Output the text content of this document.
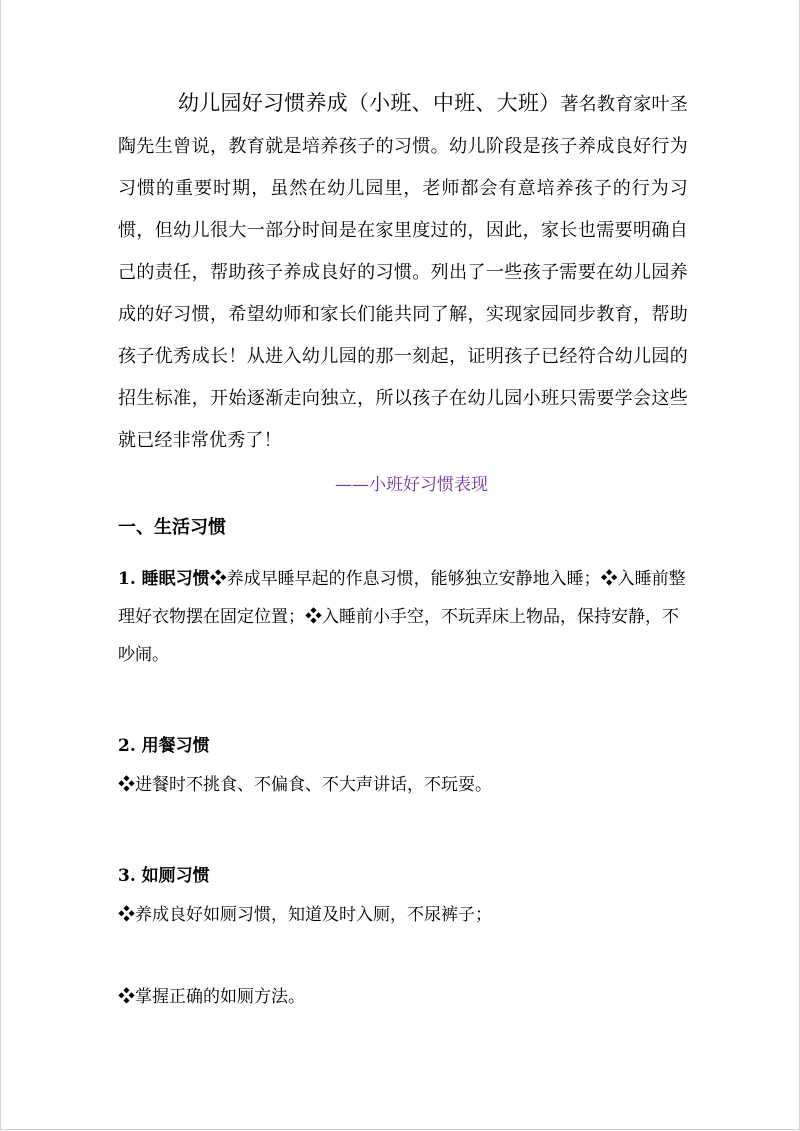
幼儿园好习惯养成（小班、中班、大班）著名教育家叶圣陶先生曾说，教育就是培养孩子的习惯。幼儿阶段是孩子养成良好行为习惯的重要时期，虽然在幼儿园里，老师都会有意培养孩子的行为习惯，但幼儿很大一部分时间是在家里度过的，因此，家长也需要明确自己的责任，帮助孩子养成良好的习惯。列出了一些孩子需要在幼儿园养成的好习惯，希望幼师和家长们能共同了解，实现家园同步教育，帮助孩子优秀成长！从进入幼儿园的那一刻起，证明孩子已经符合幼儿园的招生标准，开始逐渐走向独立，所以孩子在幼儿园小班只需要学会这些就已经非常优秀了！

——小班好习惯表现

一、生活习惯

1. 睡眠习惯❖养成早睡早起的作息习惯，能够独立安静地入睡；❖入睡前整理好衣物摆在固定位置；❖入睡前小手空，不玩弄床上物品，保持安静，不吵闹。

2. 用餐习惯

❖进餐时不挑食、不偏食、不大声讲话，不玩耍。

3. 如厕习惯

❖养成良好如厕习惯，知道及时入厕，不尿裤子；

❖掌握正确的如厕方法。
